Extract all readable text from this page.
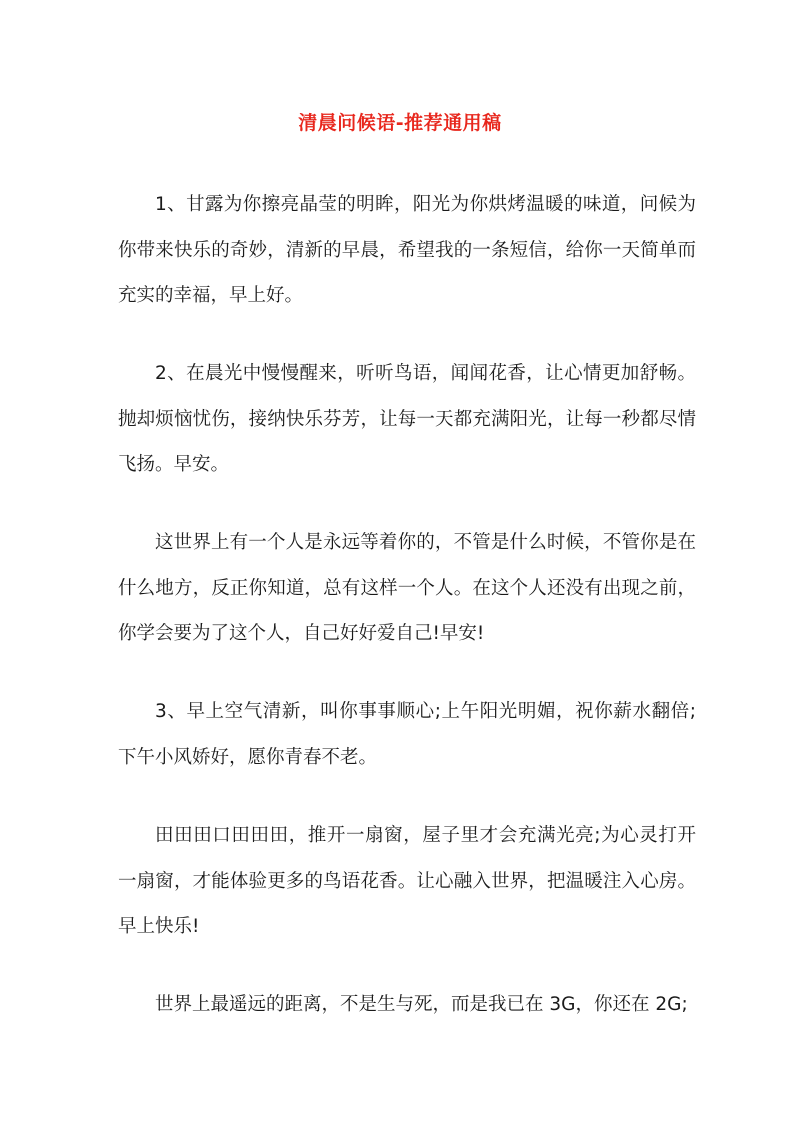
清晨问候语-推荐通用稿

1、甘露为你擦亮晶莹的明眸，阳光为你烘烤温暖的味道，问候为你带来快乐的奇妙，清新的早晨，希望我的一条短信，给你一天简单而充实的幸福，早上好。

2、在晨光中慢慢醒来，听听鸟语，闻闻花香，让心情更加舒畅。抛却烦恼忧伤，接纳快乐芬芳，让每一天都充满阳光，让每一秒都尽情飞扬。早安。

这世界上有一个人是永远等着你的，不管是什么时候，不管你是在什么地方，反正你知道，总有这样一个人。在这个人还没有出现之前，你学会要为了这个人，自己好好爱自己!早安!

3、早上空气清新，叫你事事顺心;上午阳光明媚，祝你薪水翻倍;下午小风娇好，愿你青春不老。

田田田口田田田，推开一扇窗，屋子里才会充满光亮;为心灵打开一扇窗，才能体验更多的鸟语花香。让心融入世界，把温暖注入心房。早上快乐!

世界上最遥远的距离，不是生与死，而是我已在 3G，你还在 2G;
